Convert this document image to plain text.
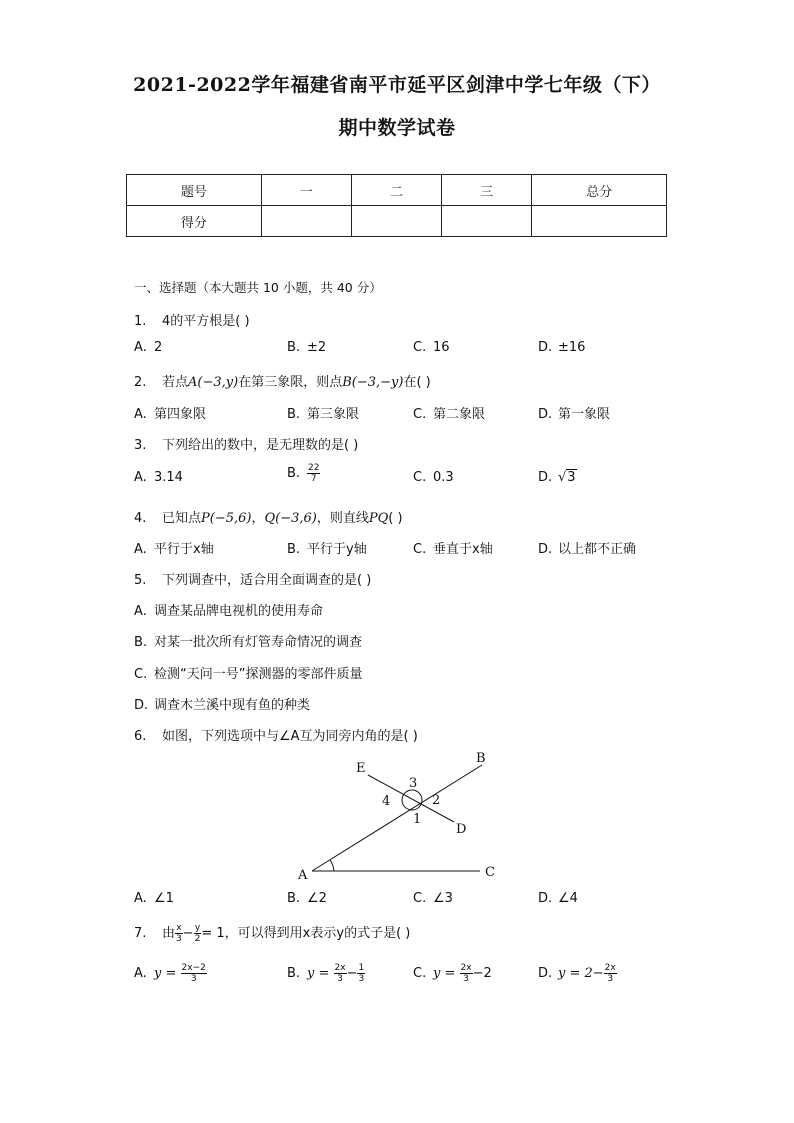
2021-2022学年福建省南平市延平区剑津中学七年级（下）
期中数学试卷
题号	一	二	三	总分
得分				
一、选择题（本大题共 10 小题，共 40 分）
1. 4的平方根是( )
A. 2	B. ±2	C. 16	D. ±16
2. 若点A(−3,y)在第三象限，则点B(−3,−y)在( )
A. 第四象限	B. 第三象限	C. 第二象限	D. 第一象限
3. 下列给出的数中，是无理数的是( )
A. 3.14	B. $\frac{22}{7}$	C. 0.3	D. √3
4. 已知点P(−5,6)，Q(−3,6)，则直线PQ( )
A. 平行于x轴	B. 平行于y轴	C. 垂直于x轴	D. 以上都不正确
5. 下列调查中，适合用全面调查的是( )
A. 调查某品牌电视机的使用寿命
B. 对某一批次所有灯管寿命情况的调查
C. 检测“天问一号”探测器的零部件质量
D. 调查木兰溪中现有鱼的种类
6. 如图，下列选项中与∠A互为同旁内角的是( )
E
B
D
A	C
3
4	2
1
A. ∠1	B. ∠2	C. ∠3	D. ∠4
7. 由 $\frac{x}{3} - \frac{y}{2} = 1$，可以得到用x表示y的式子是( )
A. $y = \frac{2x-2}{3}$	B. $y = \frac{2x}{3} - \frac{1}{3}$	C. $y = \frac{2x}{3} -2$	D. $y = 2- \frac{2x}{3}$
